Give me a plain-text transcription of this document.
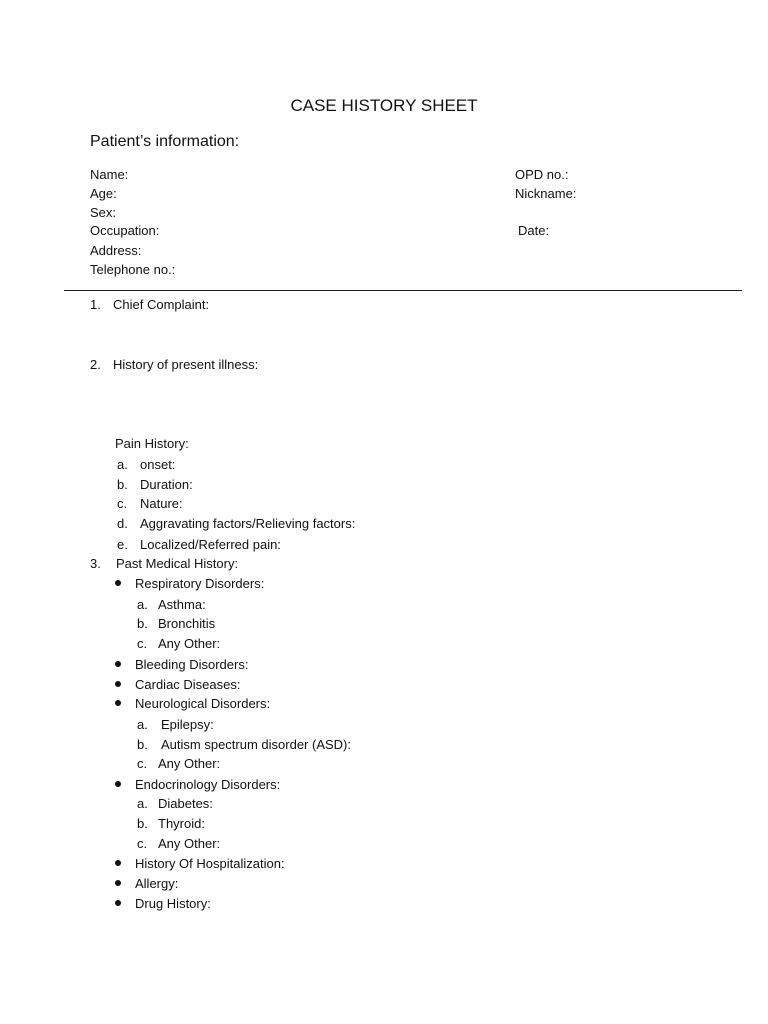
CASE HISTORY SHEET
Patient’s information:
Name:
Age:
Sex:
Occupation:
Address:
Telephone no.:
OPD no.:
Nickname:
Date:
1. Chief Complaint:
2. History of present illness:
Pain History:
a. onset:
b. Duration:
c. Nature:
d. Aggravating factors/Relieving factors:
e. Localized/Referred pain:
3. Past Medical History:
Respiratory Disorders:
a. Asthma:
b. Bronchitis
c. Any Other:
Bleeding Disorders:
Cardiac Diseases:
Neurological Disorders:
a. Epilepsy:
b. Autism spectrum disorder (ASD):
c. Any Other:
Endocrinology Disorders:
a. Diabetes:
b. Thyroid:
c. Any Other:
History Of Hospitalization:
Allergy:
Drug History:
